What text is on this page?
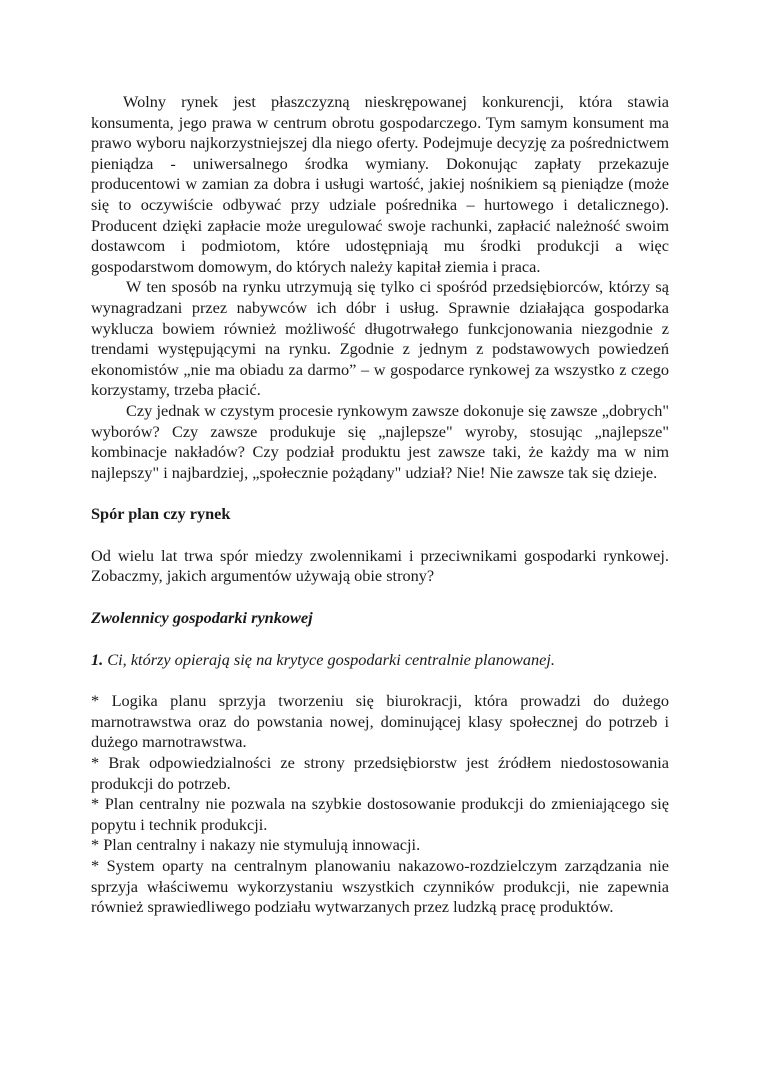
Wolny rynek jest płaszczyzną nieskrępowanej konkurencji, która stawia konsumenta, jego prawa w centrum obrotu gospodarczego. Tym samym konsument ma prawo wyboru najkorzystniejszej dla niego oferty. Podejmuje decyzję za pośrednictwem pieniądza - uniwersalnego środka wymiany. Dokonując zapłaty przekazuje producentowi w zamian za dobra i usługi wartość, jakiej nośnikiem są pieniądze (może się to oczywiście odbywać przy udziale pośrednika – hurtowego i detalicznego). Producent dzięki zapłacie może uregulować swoje rachunki, zapłacić należność swoim dostawcom i podmiotom, które udostępniają mu środki produkcji a więc gospodarstwom domowym, do których należy kapitał ziemia i praca.

W ten sposób na rynku utrzymują się tylko ci spośród przedsiębiorców, którzy są wynagradzani przez nabywców ich dóbr i usług. Sprawnie działająca gospodarka wyklucza bowiem również możliwość długotrwałego funkcjonowania niezgodnie z trendami występującymi na rynku. Zgodnie z jednym z podstawowych powiedzeń ekonomistów „nie ma obiadu za darmo” – w gospodarce rynkowej za wszystko z czego korzystamy, trzeba płacić.

Czy jednak w czystym procesie rynkowym zawsze dokonuje się zawsze „dobrych" wyborów? Czy zawsze produkuje się „najlepsze" wyroby, stosując „najlepsze" kombinacje nakładów? Czy podział produktu jest zawsze taki, że każdy ma w nim najlepszy" i najbardziej, „społecznie pożądany" udział? Nie! Nie zawsze tak się dzieje.

Spór plan czy rynek

Od wielu lat trwa spór miedzy zwolennikami i przeciwnikami gospodarki rynkowej. Zobaczmy, jakich argumentów używają obie strony?

Zwolennicy gospodarki rynkowej

1. Ci, którzy opierają się na krytyce gospodarki centralnie planowanej.

* Logika planu sprzyja tworzeniu się biurokracji, która prowadzi do dużego marnotrawstwa oraz do powstania nowej, dominującej klasy społecznej do potrzeb i dużego marnotrawstwa.

* Brak odpowiedzialności ze strony przedsiębiorstw jest źródłem niedostosowania produkcji do potrzeb.

* Plan centralny nie pozwala na szybkie dostosowanie produkcji do zmieniającego się popytu i technik produkcji.

* Plan centralny i nakazy nie stymulują innowacji.

* System oparty na centralnym planowaniu nakazowo-rozdzielczym zarządzania nie sprzyja właściwemu wykorzystaniu wszystkich czynników produkcji, nie zapewnia również sprawiedliwego podziału wytwarzanych przez ludzką pracę produktów.
